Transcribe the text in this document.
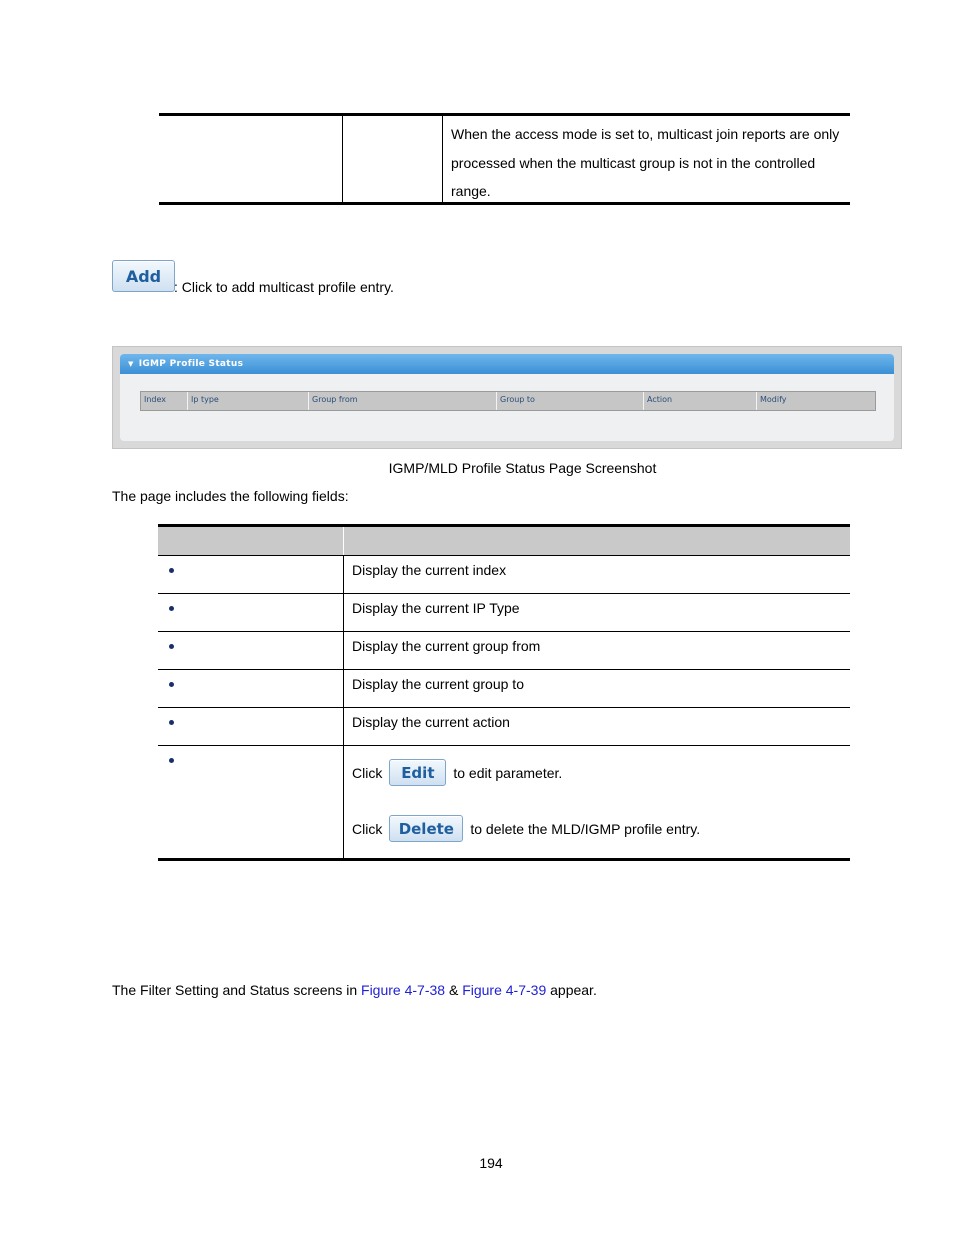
When the access mode is set to, multicast join reports are only processed when the multicast group is not in the controlled range.
Add
: Click to add multicast profile entry.
▼ IGMP Profile Status
Index	Ip type	Group from	Group to	Action	Modify
IGMP/MLD Profile Status Page Screenshot
The page includes the following fields:
Display the current index
Display the current IP Type
Display the current group from
Display the current group to
Display the current action
Click	Edit	to edit parameter.
Click	Delete	to delete the MLD/IGMP profile entry.
The Filter Setting and Status screens in Figure 4-7-38 & Figure 4-7-39 appear.
194
